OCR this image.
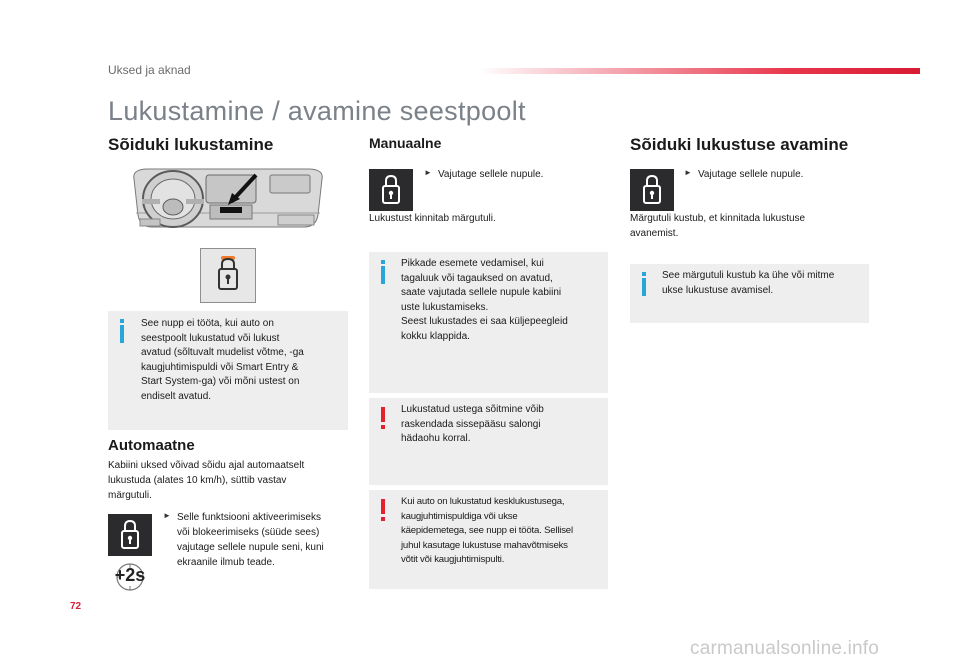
Uksed ja aknad
Lukustamine / avamine seestpoolt
Sõiduki lukustamine
See nupp ei tööta, kui auto on
seestpoolt lukustatud või lukust
avatud (sõltuvalt mudelist võtme, -ga
kaugjuhtimispuldi või Smart Entry &
Start System-ga) või mõni ustest on
endiselt avatud.
Automaatne
Kabiini uksed võivad sõidu ajal automaatselt
lukustuda (alates 10 km/h), süttib vastav
märgutuli.
+2s
► Selle funktsiooni aktiveerimiseks
või blokeerimiseks (süüde sees)
vajutage sellele nupule seni, kuni
ekraanile ilmub teade.
Manuaalne
► Vajutage sellele nupule.
Lukustust kinnitab märgutuli.
Pikkade esemete vedamisel, kui
tagaluuk või tagauksed on avatud,
saate vajutada sellele nupule kabiini
uste lukustamiseks.
Seest lukustades ei saa küljepeegleid
kokku klappida.
Lukustatud ustega sõitmine võib
raskendada sissepääsu salongi
hädaohu korral.
Kui auto on lukustatud kesklukustusega,
kaugjuhtimispuldiga või ukse
käepidemetega, see nupp ei tööta. Sellisel
juhul kasutage lukustuse mahavõtmiseks
võtit või kaugjuhtimispulti.
Sõiduki lukustuse avamine
► Vajutage sellele nupule.
Märgutuli kustub, et kinnitada lukustuse
avanemist.
See märgutuli kustub ka ühe või mitme
ukse lukustuse avamisel.
72
carmanualsonline.info
